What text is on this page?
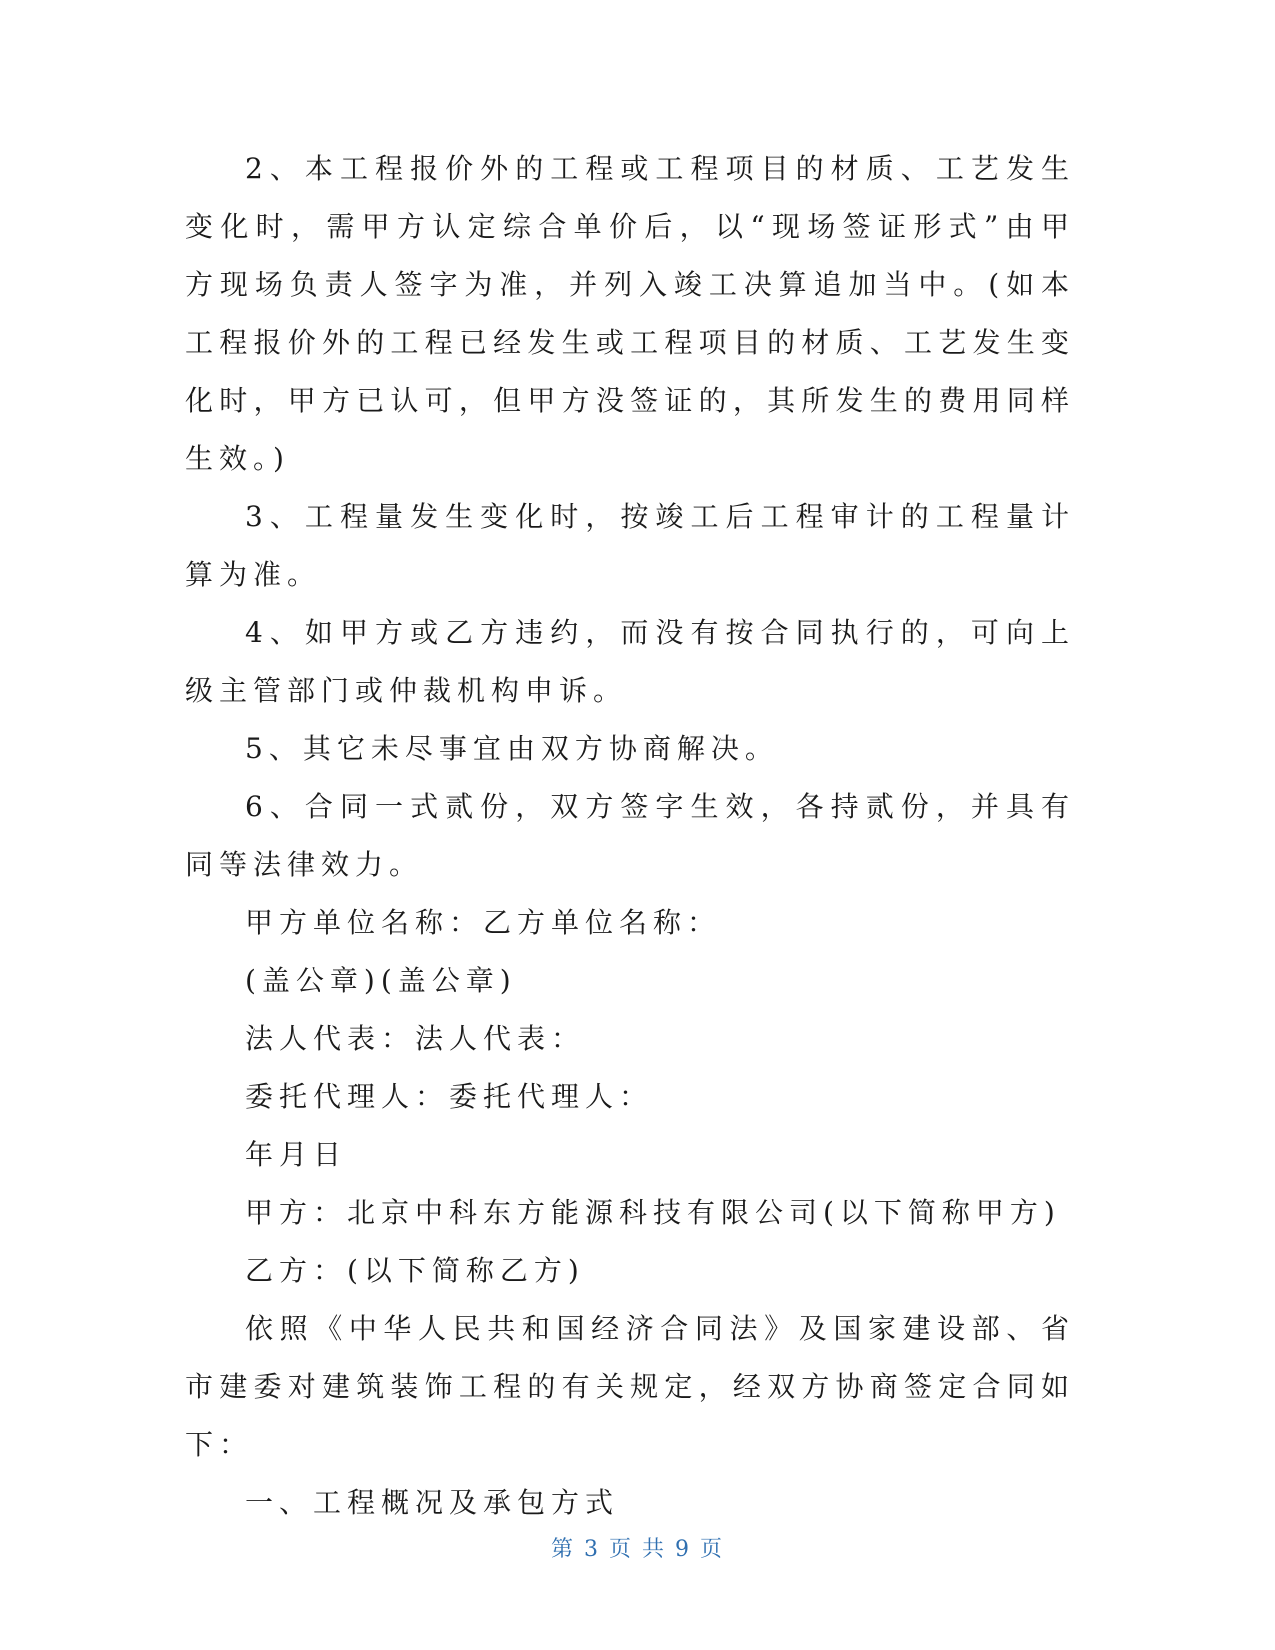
2、本工程报价外的工程或工程项目的材质、工艺发生变化时，需甲方认定综合单价后，以“现场签证形式”由甲方现场负责人签字为准，并列入竣工决算追加当中。(如本工程报价外的工程已经发生或工程项目的材质、工艺发生变化时，甲方已认可，但甲方没签证的，其所发生的费用同样生效。)

3、工程量发生变化时，按竣工后工程审计的工程量计算为准。

4、如甲方或乙方违约，而没有按合同执行的，可向上级主管部门或仲裁机构申诉。

5、其它未尽事宜由双方协商解决。

6、合同一式贰份，双方签字生效，各持贰份，并具有同等法律效力。

甲方单位名称：乙方单位名称：

(盖公章)(盖公章)

法人代表：法人代表：

委托代理人：委托代理人：

年月日

甲方：北京中科东方能源科技有限公司(以下简称甲方)

乙方：(以下简称乙方)

依照《中华人民共和国经济合同法》及国家建设部、省市建委对建筑装饰工程的有关规定，经双方协商签定合同如下：

一、工程概况及承包方式

第 3 页 共 9 页
